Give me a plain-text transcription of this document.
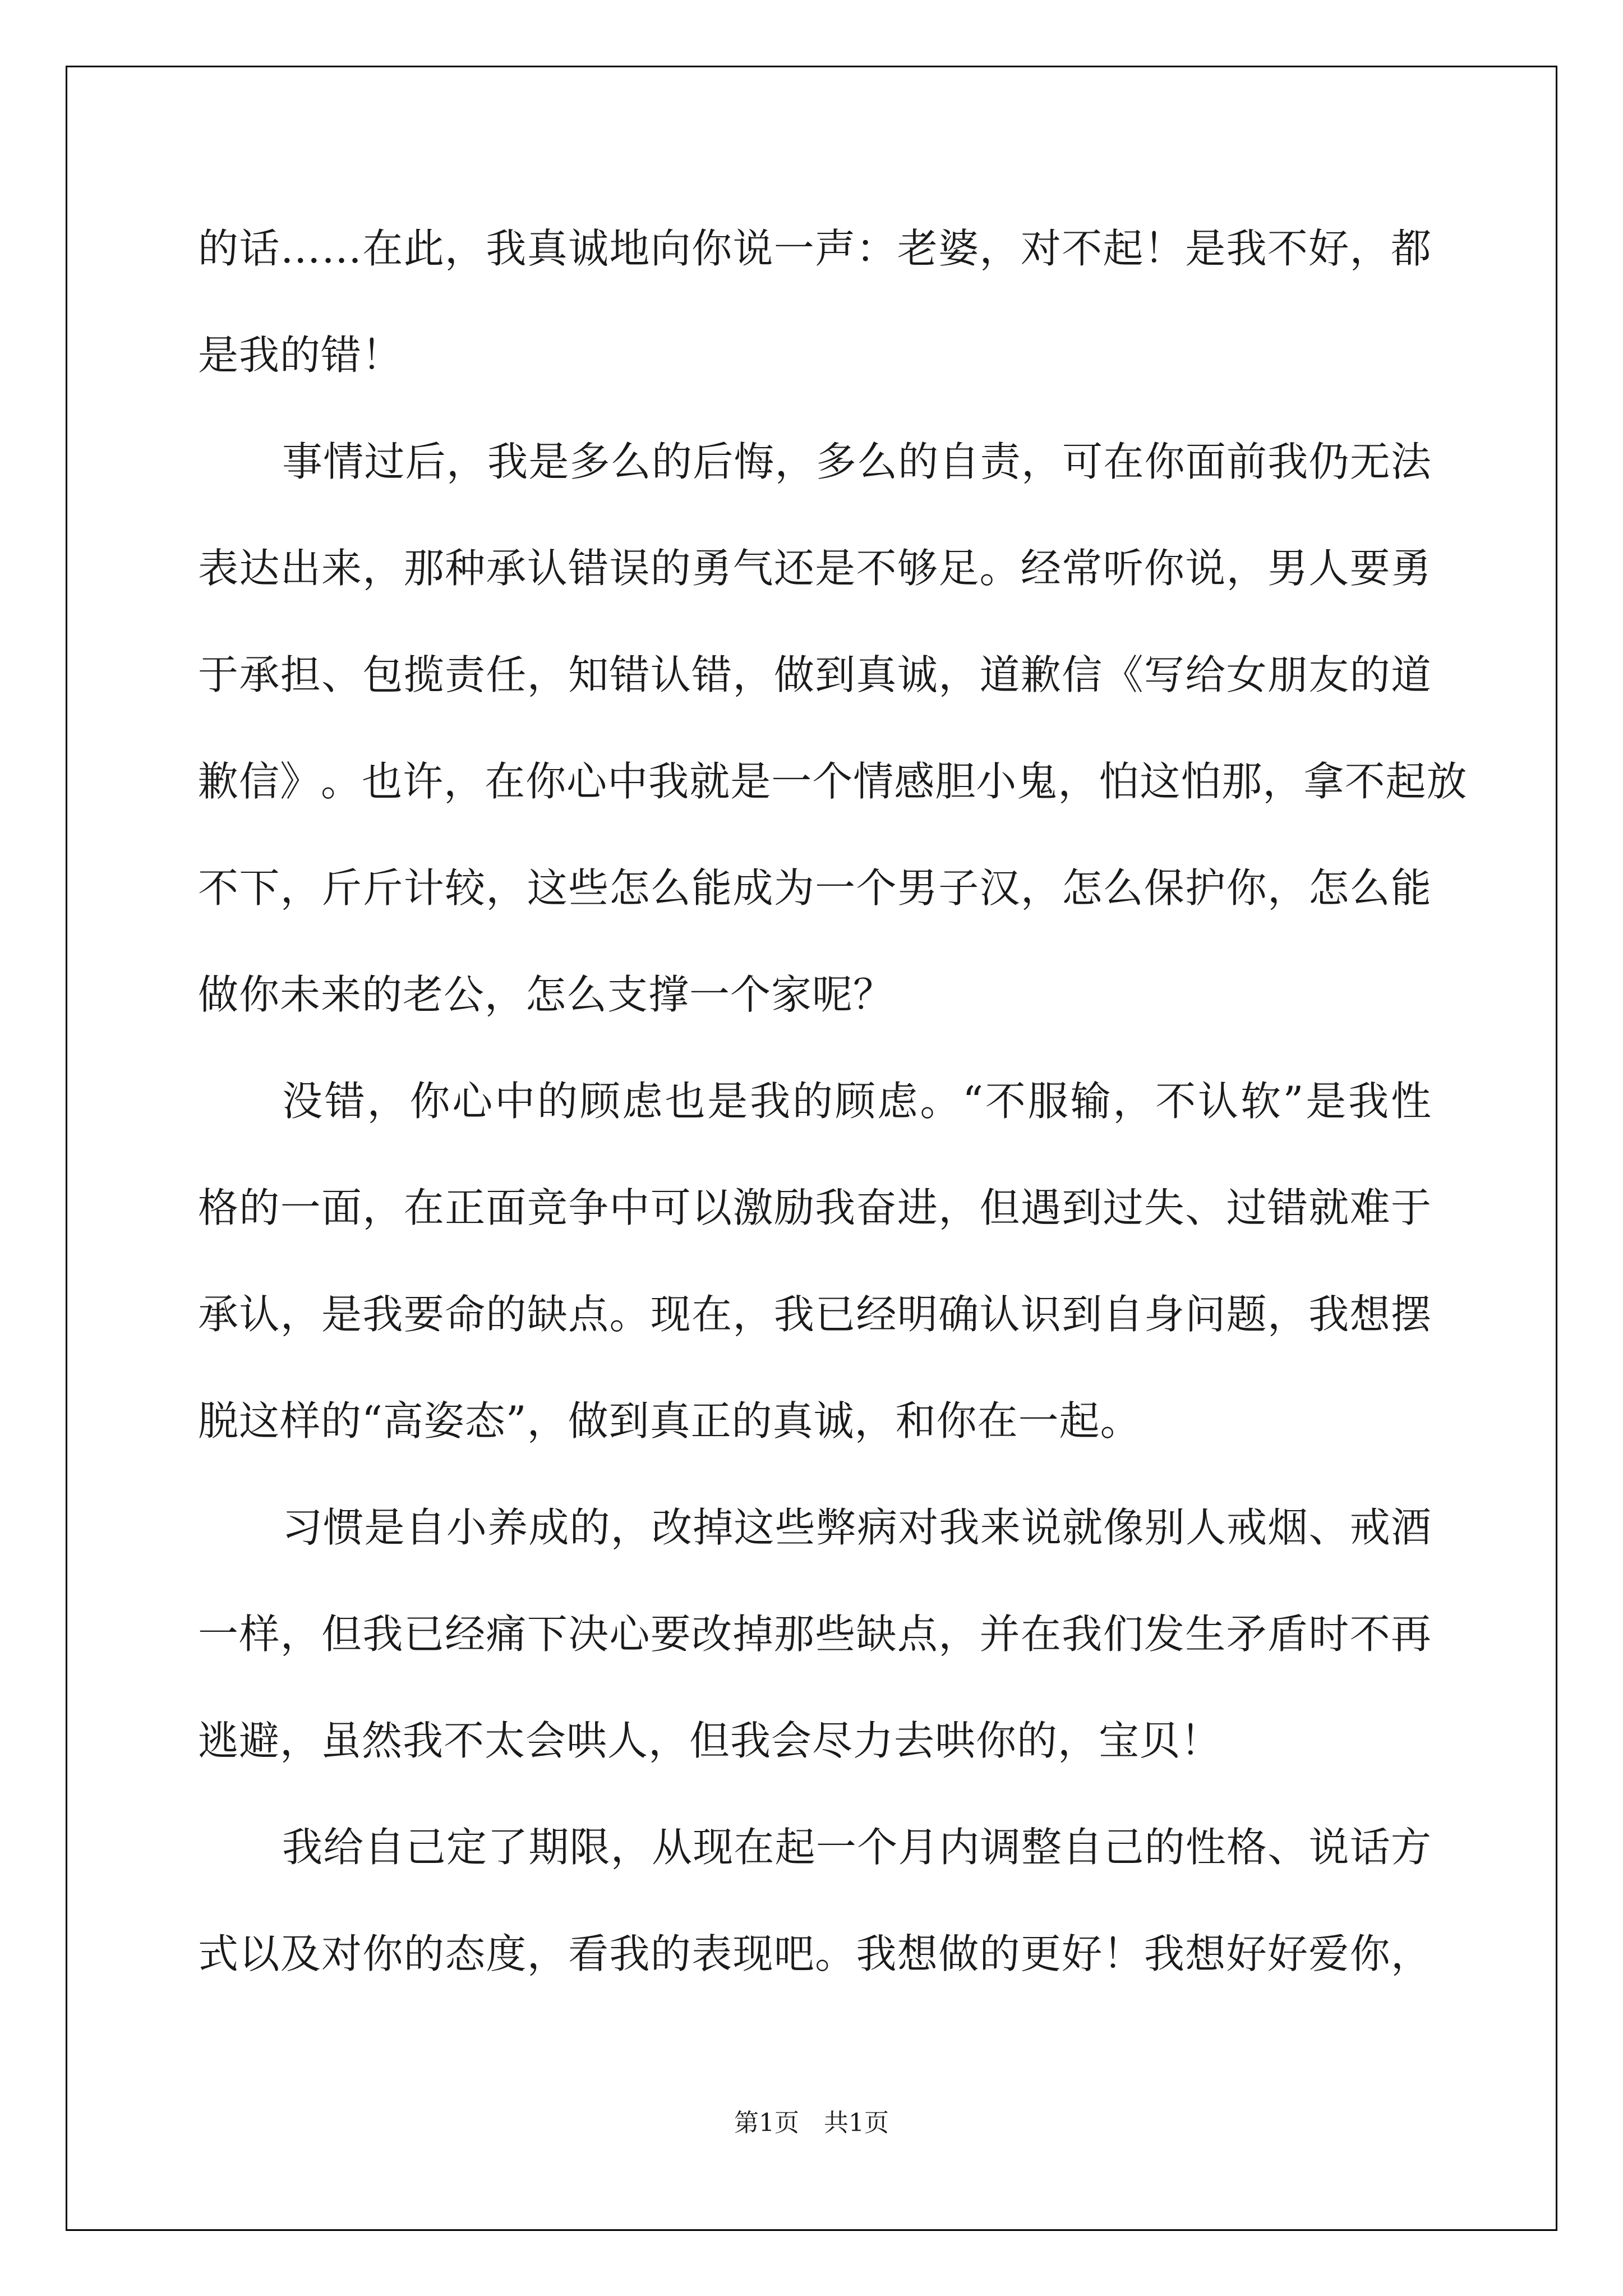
的 话 … … 在 此 ， 我 真 诚 地 向 你 说 一 声 ： 老 婆 ， 对 不 起 ！ 是 我 不 好 ， 都
是我的错！
事 情 过 后 ， 我 是 多 么 的 后 悔 ， 多 么 的 自 责 ， 可 在 你 面 前 我 仍 无 法
表 达 出 来 ， 那 种 承 认 错 误 的 勇 气 还 是 不 够 足 。 经 常 听 你 说 ， 男 人 要 勇
于 承 担 、 包 揽 责 任 ， 知 错 认 错 ， 做 到 真 诚 ， 道 歉 信 《 写 给 女 朋 友 的 道
歉 信 》 。 也 许 ， 在 你 心 中 我 就 是 一 个 情 感 胆 小 鬼 ， 怕 这 怕 那 ， 拿 不 起 放
不 下 ， 斤 斤 计 较 ， 这 些 怎 么 能 成 为 一 个 男 子 汉 ， 怎 么 保 护 你 ， 怎 么 能
做你未来的老公，怎么支撑一个家呢？
没 错 ， 你 心 中 的 顾 虑 也 是 我 的 顾 虑 。 “ 不 服 输 ， 不 认 软 ” 是 我 性
格 的 一 面 ， 在 正 面 竞 争 中 可 以 激 励 我 奋 进 ， 但 遇 到 过 失 、 过 错 就 难 于
承 认 ， 是 我 要 命 的 缺 点 。 现 在 ， 我 已 经 明 确 认 识 到 自 身 问 题 ， 我 想 摆
脱这样的“高姿态”，做到真正的真诚，和你在一起。
习 惯 是 自 小 养 成 的 ， 改 掉 这 些 弊 病 对 我 来 说 就 像 别 人 戒 烟 、 戒 酒
一 样 ， 但 我 已 经 痛 下 决 心 要 改 掉 那 些 缺 点 ， 并 在 我 们 发 生 矛 盾 时 不 再
逃避，虽然我不太会哄人，但我会尽力去哄你的，宝贝！
我 给 自 己 定 了 期 限 ， 从 现 在 起 一 个 月 内 调 整 自 己 的 性 格 、 说 话 方
式 以 及 对 你 的 态 度 ， 看 我 的 表 现 吧 。 我 想 做 的 更 好 ！ 我 想 好 好 爱 你 ，
第1页　共1页
